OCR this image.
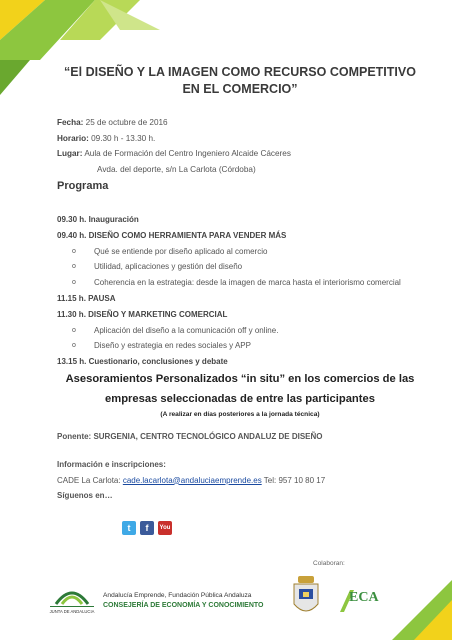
“El DISEÑO Y LA IMAGEN COMO RECURSO COMPETITIVO
EN EL COMERCIO”
Fecha: 25 de octubre de 2016
Horario: 09.30 h - 13.30 h.
Lugar: Aula de Formación del Centro Ingeniero Alcaide Cáceres
Avda. del deporte, s/n La Carlota (Córdoba)
Programa
09.30 h. Inauguración
09.40 h. DISEÑO COMO HERRAMIENTA PARA VENDER MÁS
o Qué se entiende por diseño aplicado al comercio
o Utilidad, aplicaciones y gestión del diseño
o Coherencia en la estrategia: desde la imagen de marca hasta el interiorismo comercial
11.15 h. PAUSA
11.30 h. DISEÑO Y MARKETING COMERCIAL
o Aplicación del diseño a la comunicación off y online.
o Diseño y estrategia en redes sociales y APP
13.15 h. Cuestionario, conclusiones y debate
Asesoramientos Personalizados “in situ” en los comercios de las
empresas seleccionadas de entre las participantes
(A realizar en días posteriores a la jornada técnica)
Ponente: SURGENIA, CENTRO TECNOLÓGICO ANDALUZ DE DISEÑO
Información e inscripciones:
CADE La Carlota: cade.lacarlota@andaluciaemprende.es Tel: 957 10 80 17
Síguenos en…
t	f	You
Colaboran:
JUNTA DE ANDALUCIA
Andalucía Emprende, Fundación Pública Andaluza
CONSEJERÍA DE ECONOMÍA Y CONOCIMIENTO
ECA
